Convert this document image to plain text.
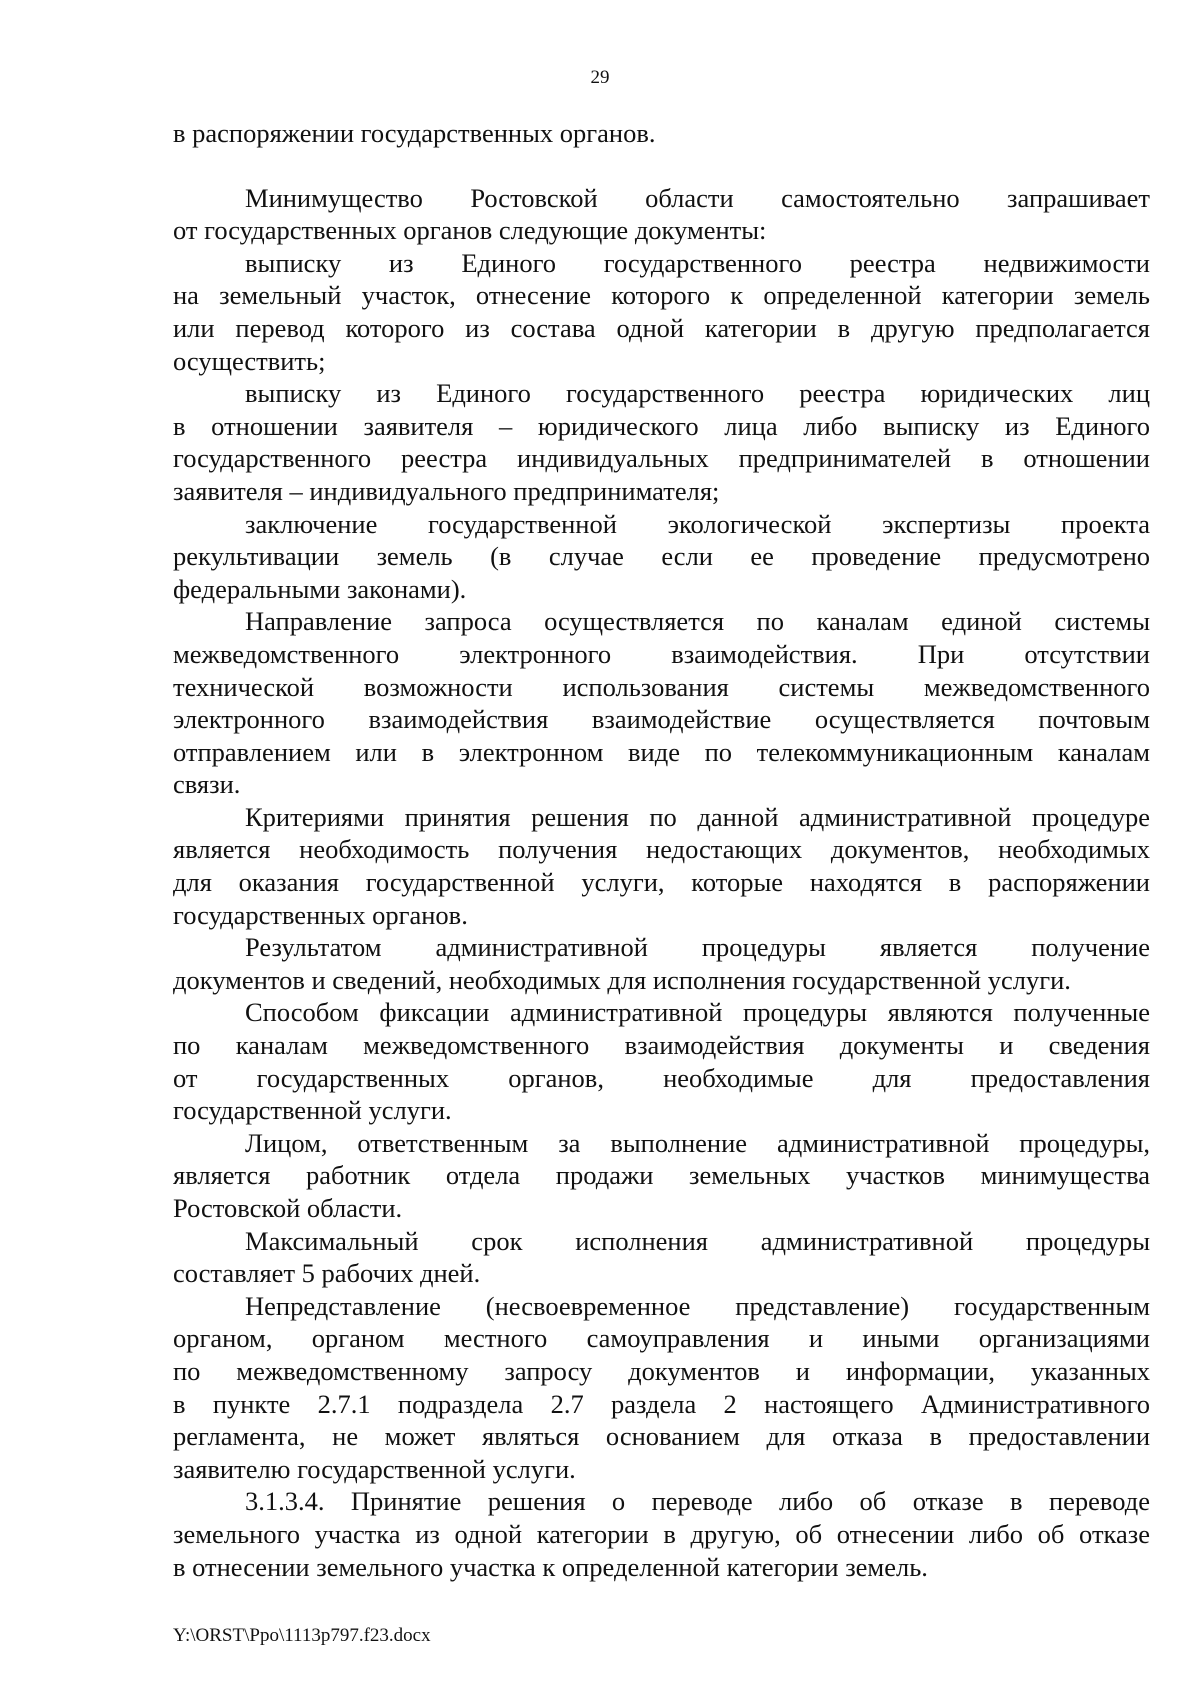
29
в распоряжении государственных органов.
Минимущество Ростовской области самостоятельно запрашивает
от государственных органов следующие документы:
выписку из Единого государственного реестра недвижимости
на земельный участок, отнесение которого к определенной категории земель
или перевод которого из состава одной категории в другую предполагается
осуществить;
выписку из Единого государственного реестра юридических лиц
в отношении заявителя – юридического лица либо выписку из Единого
государственного реестра индивидуальных предпринимателей в отношении
заявителя – индивидуального предпринимателя;
заключение государственной экологической экспертизы проекта
рекультивации земель (в случае если ее проведение предусмотрено
федеральными законами).
Направление запроса осуществляется по каналам единой системы
межведомственного электронного взаимодействия. При отсутствии
технической возможности использования системы межведомственного
электронного взаимодействия взаимодействие осуществляется почтовым
отправлением или в электронном виде по телекоммуникационным каналам
связи.
Критериями принятия решения по данной административной процедуре
является необходимость получения недостающих документов, необходимых
для оказания государственной услуги, которые находятся в распоряжении
государственных органов.
Результатом административной процедуры является получение
документов и сведений, необходимых для исполнения государственной услуги.
Способом фиксации административной процедуры являются полученные
по каналам межведомственного взаимодействия документы и сведения
от государственных органов, необходимые для предоставления
государственной услуги.
Лицом, ответственным за выполнение административной процедуры,
является работник отдела продажи земельных участков минимущества
Ростовской области.
Максимальный срок исполнения административной процедуры
составляет 5 рабочих дней.
Непредставление (несвоевременное представление) государственным
органом, органом местного самоуправления и иными организациями
по межведомственному запросу документов и информации, указанных
в пункте 2.7.1 подраздела 2.7 раздела 2 настоящего Административного
регламента, не может являться основанием для отказа в предоставлении
заявителю государственной услуги.
3.1.3.4. Принятие решения о переводе либо об отказе в переводе
земельного участка из одной категории в другую, об отнесении либо об отказе
в отнесении земельного участка к определенной категории земель.
Y:\ORST\Ppo\1113p797.f23.docx
